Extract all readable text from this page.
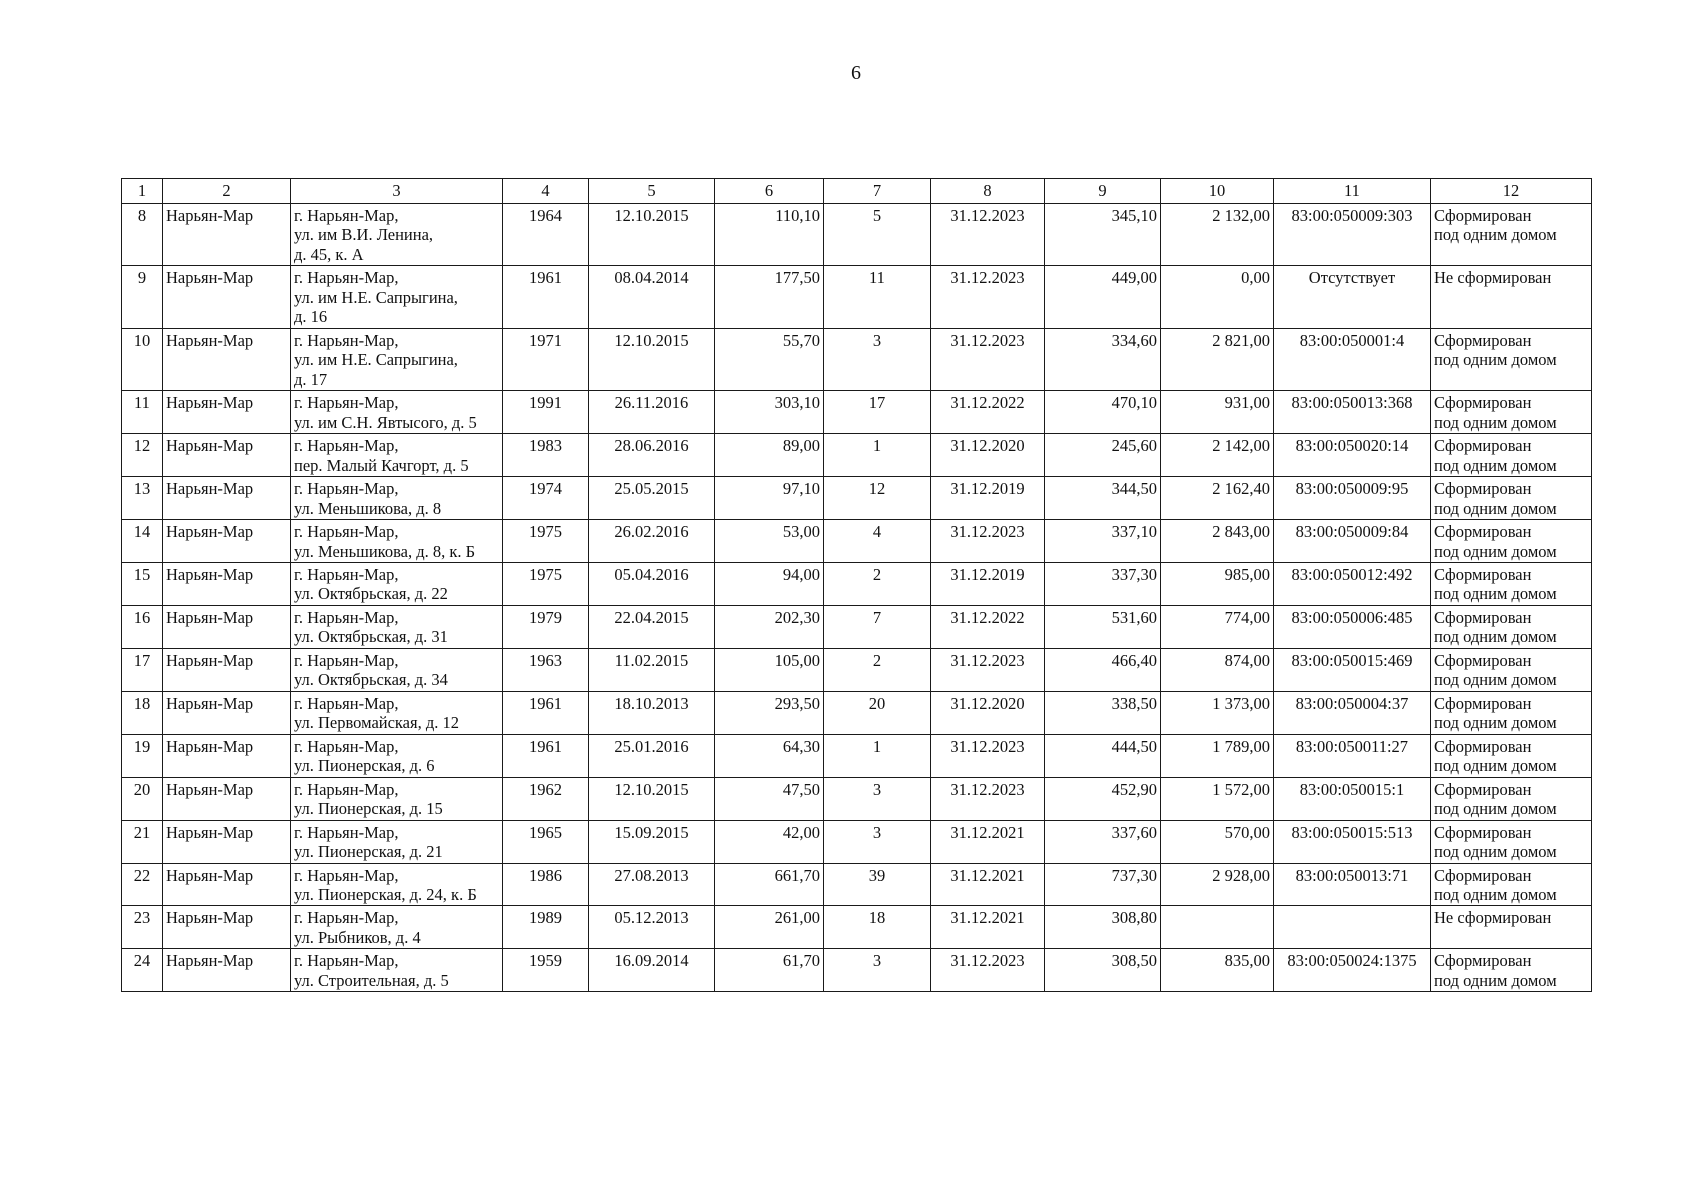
6
1	2	3	4	5	6	7	8	9	10	11	12
8	Нарьян-Мар	г. Нарьян-Мар,
ул. им В.И. Ленина,
д. 45, к. А	1964	12.10.2015	110,10	5	31.12.2023	345,10	2 132,00	83:00:050009:303	Сформирован
под одним домом
9	Нарьян-Мар	г. Нарьян-Мар,
ул. им Н.Е. Сапрыгина,
д. 16	1961	08.04.2014	177,50	11	31.12.2023	449,00	0,00	Отсутствует	Не сформирован
10	Нарьян-Мар	г. Нарьян-Мар,
ул. им Н.Е. Сапрыгина,
д. 17	1971	12.10.2015	55,70	3	31.12.2023	334,60	2 821,00	83:00:050001:4	Сформирован
под одним домом
11	Нарьян-Мар	г. Нарьян-Мар,
ул. им С.Н. Явтысого, д. 5	1991	26.11.2016	303,10	17	31.12.2022	470,10	931,00	83:00:050013:368	Сформирован
под одним домом
12	Нарьян-Мар	г. Нарьян-Мар,
пер. Малый Качгорт, д. 5	1983	28.06.2016	89,00	1	31.12.2020	245,60	2 142,00	83:00:050020:14	Сформирован
под одним домом
13	Нарьян-Мар	г. Нарьян-Мар,
ул. Меньшикова, д. 8	1974	25.05.2015	97,10	12	31.12.2019	344,50	2 162,40	83:00:050009:95	Сформирован
под одним домом
14	Нарьян-Мар	г. Нарьян-Мар,
ул. Меньшикова, д. 8, к. Б	1975	26.02.2016	53,00	4	31.12.2023	337,10	2 843,00	83:00:050009:84	Сформирован
под одним домом
15	Нарьян-Мар	г. Нарьян-Мар,
ул. Октябрьская, д. 22	1975	05.04.2016	94,00	2	31.12.2019	337,30	985,00	83:00:050012:492	Сформирован
под одним домом
16	Нарьян-Мар	г. Нарьян-Мар,
ул. Октябрьская, д. 31	1979	22.04.2015	202,30	7	31.12.2022	531,60	774,00	83:00:050006:485	Сформирован
под одним домом
17	Нарьян-Мар	г. Нарьян-Мар,
ул. Октябрьская, д. 34	1963	11.02.2015	105,00	2	31.12.2023	466,40	874,00	83:00:050015:469	Сформирован
под одним домом
18	Нарьян-Мар	г. Нарьян-Мар,
ул. Первомайская, д. 12	1961	18.10.2013	293,50	20	31.12.2020	338,50	1 373,00	83:00:050004:37	Сформирован
под одним домом
19	Нарьян-Мар	г. Нарьян-Мар,
ул. Пионерская, д. 6	1961	25.01.2016	64,30	1	31.12.2023	444,50	1 789,00	83:00:050011:27	Сформирован
под одним домом
20	Нарьян-Мар	г. Нарьян-Мар,
ул. Пионерская, д. 15	1962	12.10.2015	47,50	3	31.12.2023	452,90	1 572,00	83:00:050015:1	Сформирован
под одним домом
21	Нарьян-Мар	г. Нарьян-Мар,
ул. Пионерская, д. 21	1965	15.09.2015	42,00	3	31.12.2021	337,60	570,00	83:00:050015:513	Сформирован
под одним домом
22	Нарьян-Мар	г. Нарьян-Мар,
ул. Пионерская, д. 24, к. Б	1986	27.08.2013	661,70	39	31.12.2021	737,30	2 928,00	83:00:050013:71	Сформирован
под одним домом
23	Нарьян-Мар	г. Нарьян-Мар,
ул. Рыбников, д. 4	1989	05.12.2013	261,00	18	31.12.2021	308,80			Не сформирован
24	Нарьян-Мар	г. Нарьян-Мар,
ул. Строительная, д. 5	1959	16.09.2014	61,70	3	31.12.2023	308,50	835,00	83:00:050024:1375	Сформирован
под одним домом
